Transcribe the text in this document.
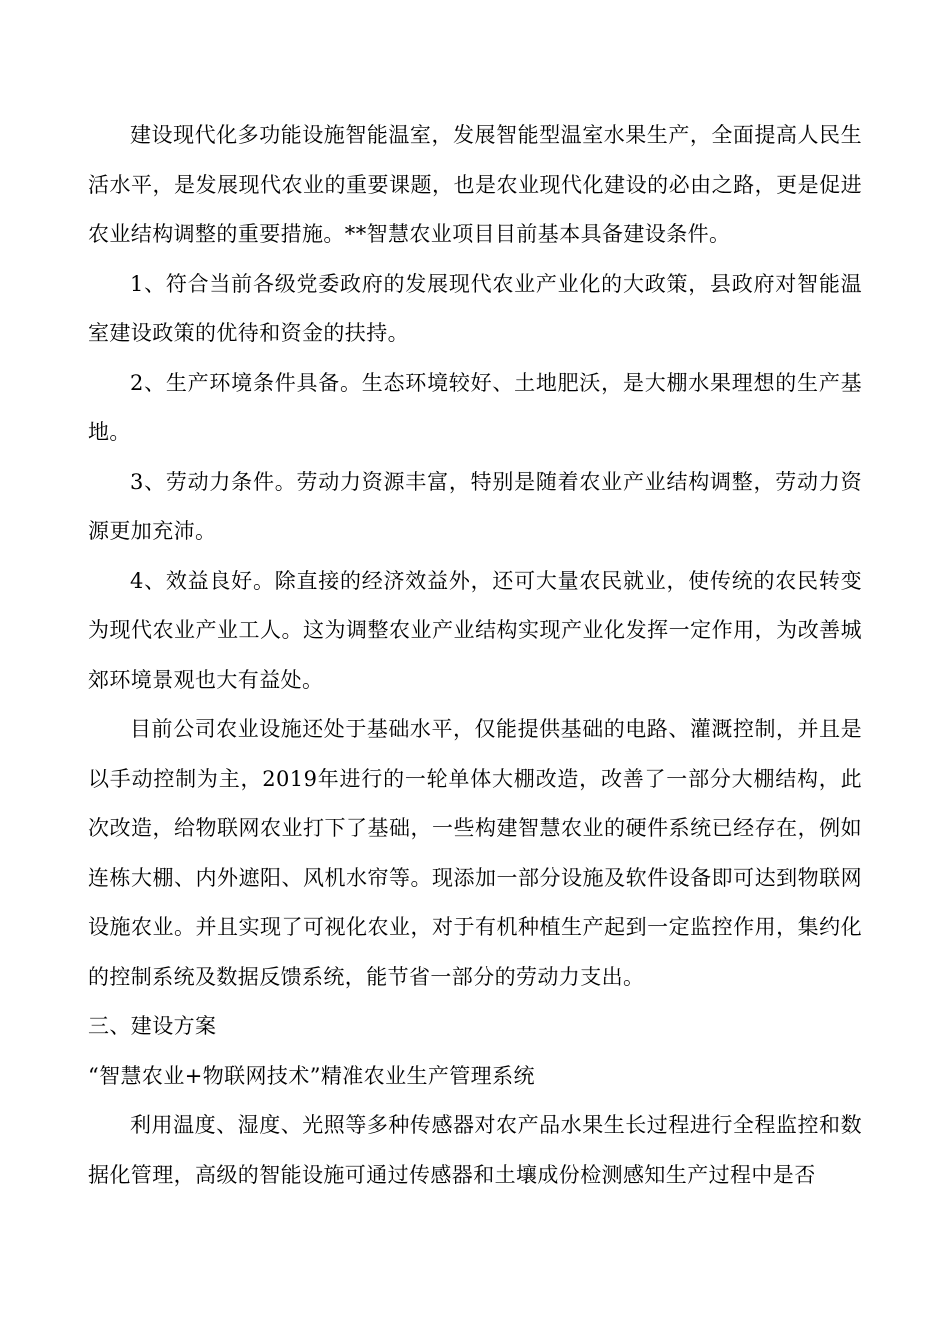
建设现代化多功能设施智能温室，发展智能型温室水果生产，全面提高人民生活水平，是发展现代农业的重要课题，也是农业现代化建设的必由之路，更是促进农业结构调整的重要措施。**智慧农业项目目前基本具备建设条件。

1、符合当前各级党委政府的发展现代农业产业化的大政策，县政府对智能温室建设政策的优待和资金的扶持。

2、生产环境条件具备。生态环境较好、土地肥沃，是大棚水果理想的生产基地。

3、劳动力条件。劳动力资源丰富，特别是随着农业产业结构调整，劳动力资源更加充沛。

4、效益良好。除直接的经济效益外，还可大量农民就业，使传统的农民转变为现代农业产业工人。这为调整农业产业结构实现产业化发挥一定作用，为改善城郊环境景观也大有益处。

目前公司农业设施还处于基础水平，仅能提供基础的电路、灌溉控制，并且是以手动控制为主，2019年进行的一轮单体大棚改造，改善了一部分大棚结构，此次改造，给物联网农业打下了基础，一些构建智慧农业的硬件系统已经存在，例如连栋大棚、内外遮阳、风机水帘等。现添加一部分设施及软件设备即可达到物联网设施农业。并且实现了可视化农业，对于有机种植生产起到一定监控作用，集约化的控制系统及数据反馈系统，能节省一部分的劳动力支出。

三、建设方案

“智慧农业+物联网技术”精准农业生产管理系统

利用温度、湿度、光照等多种传感器对农产品水果生长过程进行全程监控和数据化管理，高级的智能设施可通过传感器和土壤成份检测感知生产过程中是否
